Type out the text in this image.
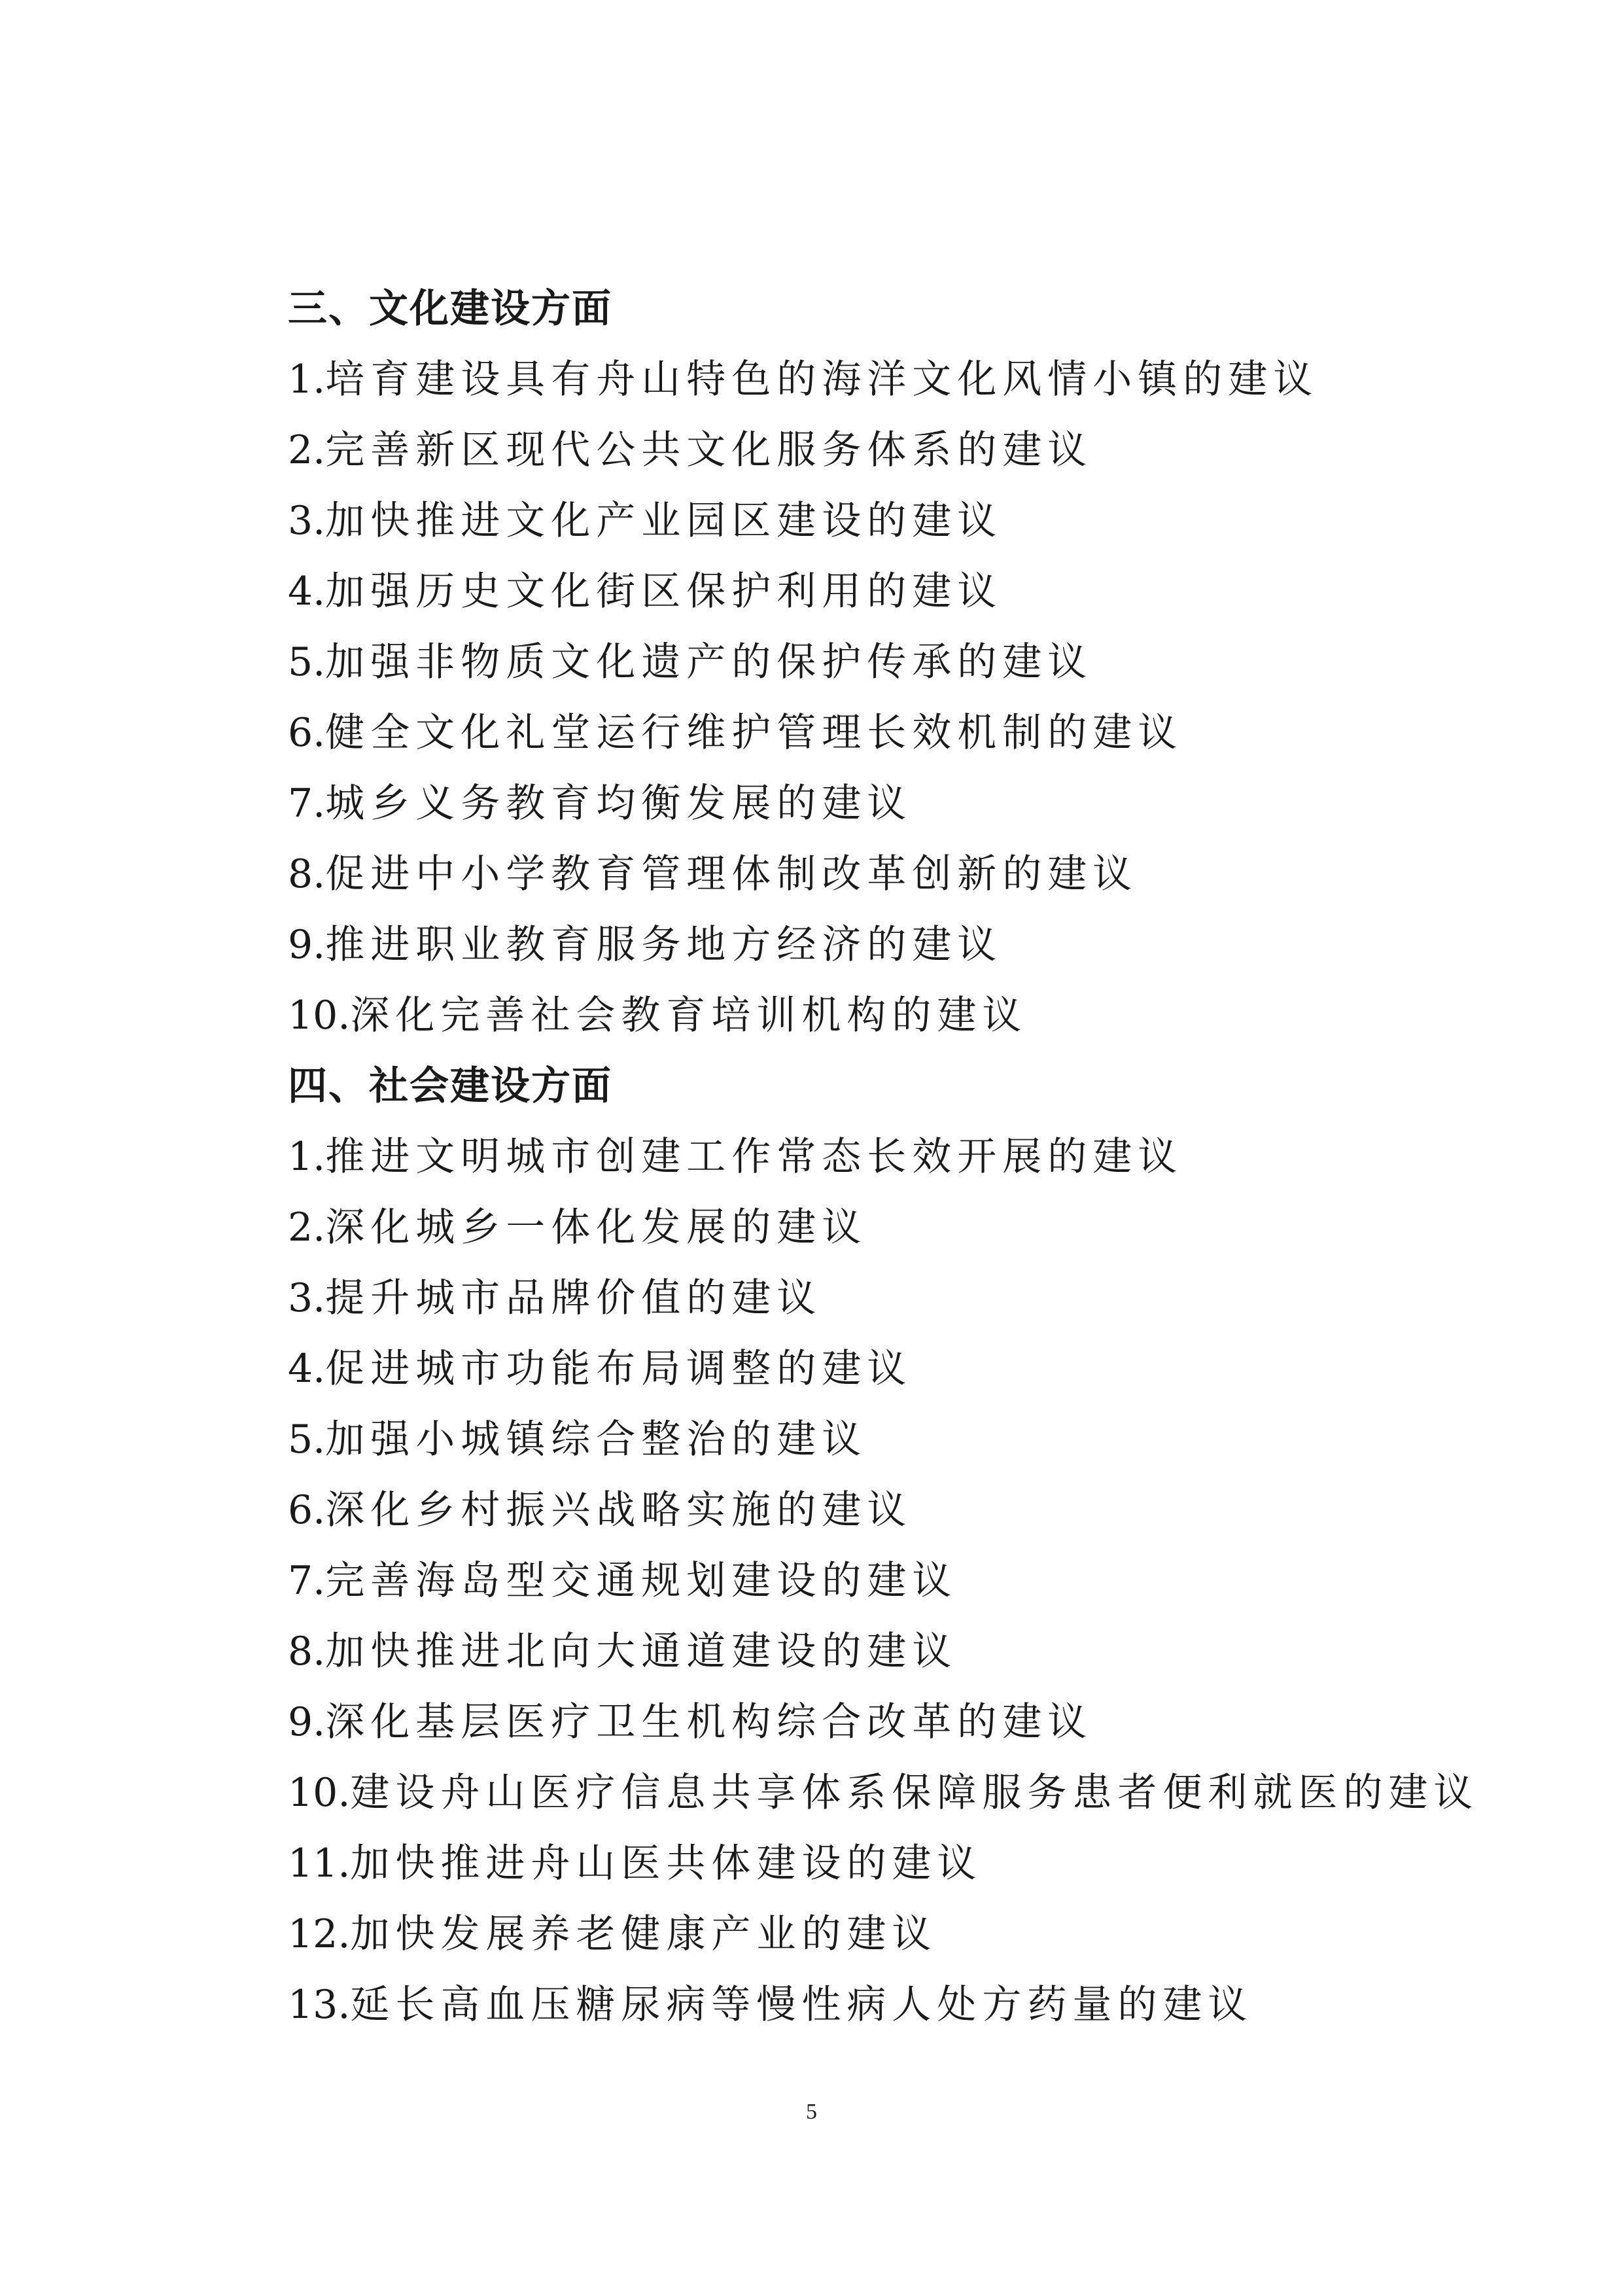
三、文化建设方面
1.培育建设具有舟山特色的海洋文化风情小镇的建议
2.完善新区现代公共文化服务体系的建议
3.加快推进文化产业园区建设的建议
4.加强历史文化街区保护利用的建议
5.加强非物质文化遗产的保护传承的建议
6.健全文化礼堂运行维护管理长效机制的建议
7.城乡义务教育均衡发展的建议
8.促进中小学教育管理体制改革创新的建议
9.推进职业教育服务地方经济的建议
10.深化完善社会教育培训机构的建议
四、社会建设方面
1.推进文明城市创建工作常态长效开展的建议
2.深化城乡一体化发展的建议
3.提升城市品牌价值的建议
4.促进城市功能布局调整的建议
5.加强小城镇综合整治的建议
6.深化乡村振兴战略实施的建议
7.完善海岛型交通规划建设的建议
8.加快推进北向大通道建设的建议
9.深化基层医疗卫生机构综合改革的建议
10.建设舟山医疗信息共享体系保障服务患者便利就医的建议
11.加快推进舟山医共体建设的建议
12.加快发展养老健康产业的建议
13.延长高血压糖尿病等慢性病人处方药量的建议
5
